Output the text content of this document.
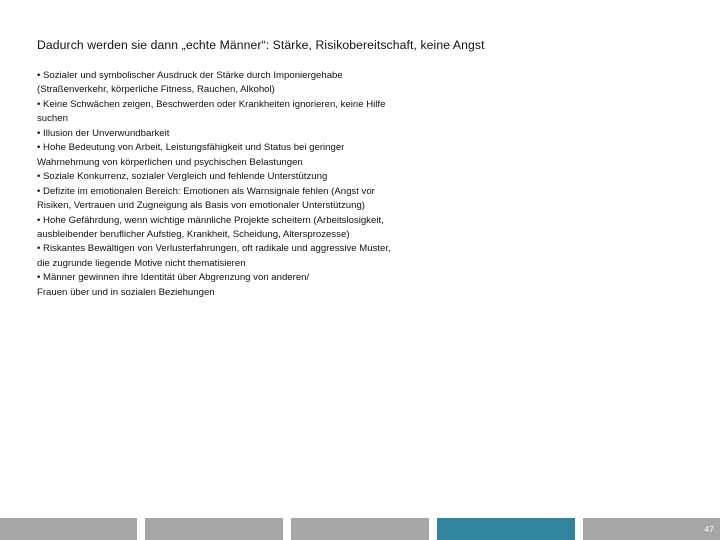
Dadurch werden sie dann „echte Männer“: Stärke, Risikobereitschaft, keine Angst
• Sozialer und symbolischer Ausdruck der Stärke durch Imponiergehabe
(Straßenverkehr, körperliche Fitness, Rauchen, Alkohol)
• Keine Schwächen zeigen, Beschwerden oder Krankheiten ignorieren, keine Hilfe
suchen
• Illusion der Unverwundbarkeit
• Hohe Bedeutung von Arbeit, Leistungsfähigkeit und Status bei geringer
Wahrnehmung von körperlichen und psychischen Belastungen
• Soziale Konkurrenz, sozialer Vergleich und fehlende Unterstützung
• Defizite im emotionalen Bereich: Emotionen als Warnsignale fehlen (Angst vor
Risiken, Vertrauen und Zugneigung als Basis von emotionaler Unterstützung)
• Hohe Gefährdung, wenn wichtige männliche Projekte scheitern (Arbeitslosigkeit,
ausbleibender beruflicher Aufstieg, Krankheit, Scheidung, Altersprozesse)
• Riskantes Bewältigen von Verlusterfahrungen, oft radikale und aggressive Muster,
die zugrunde liegende Motive nicht thematisieren
• Männer gewinnen ihre Identität über Abgrenzung von anderen/
Frauen über und in sozialen Beziehungen
47
